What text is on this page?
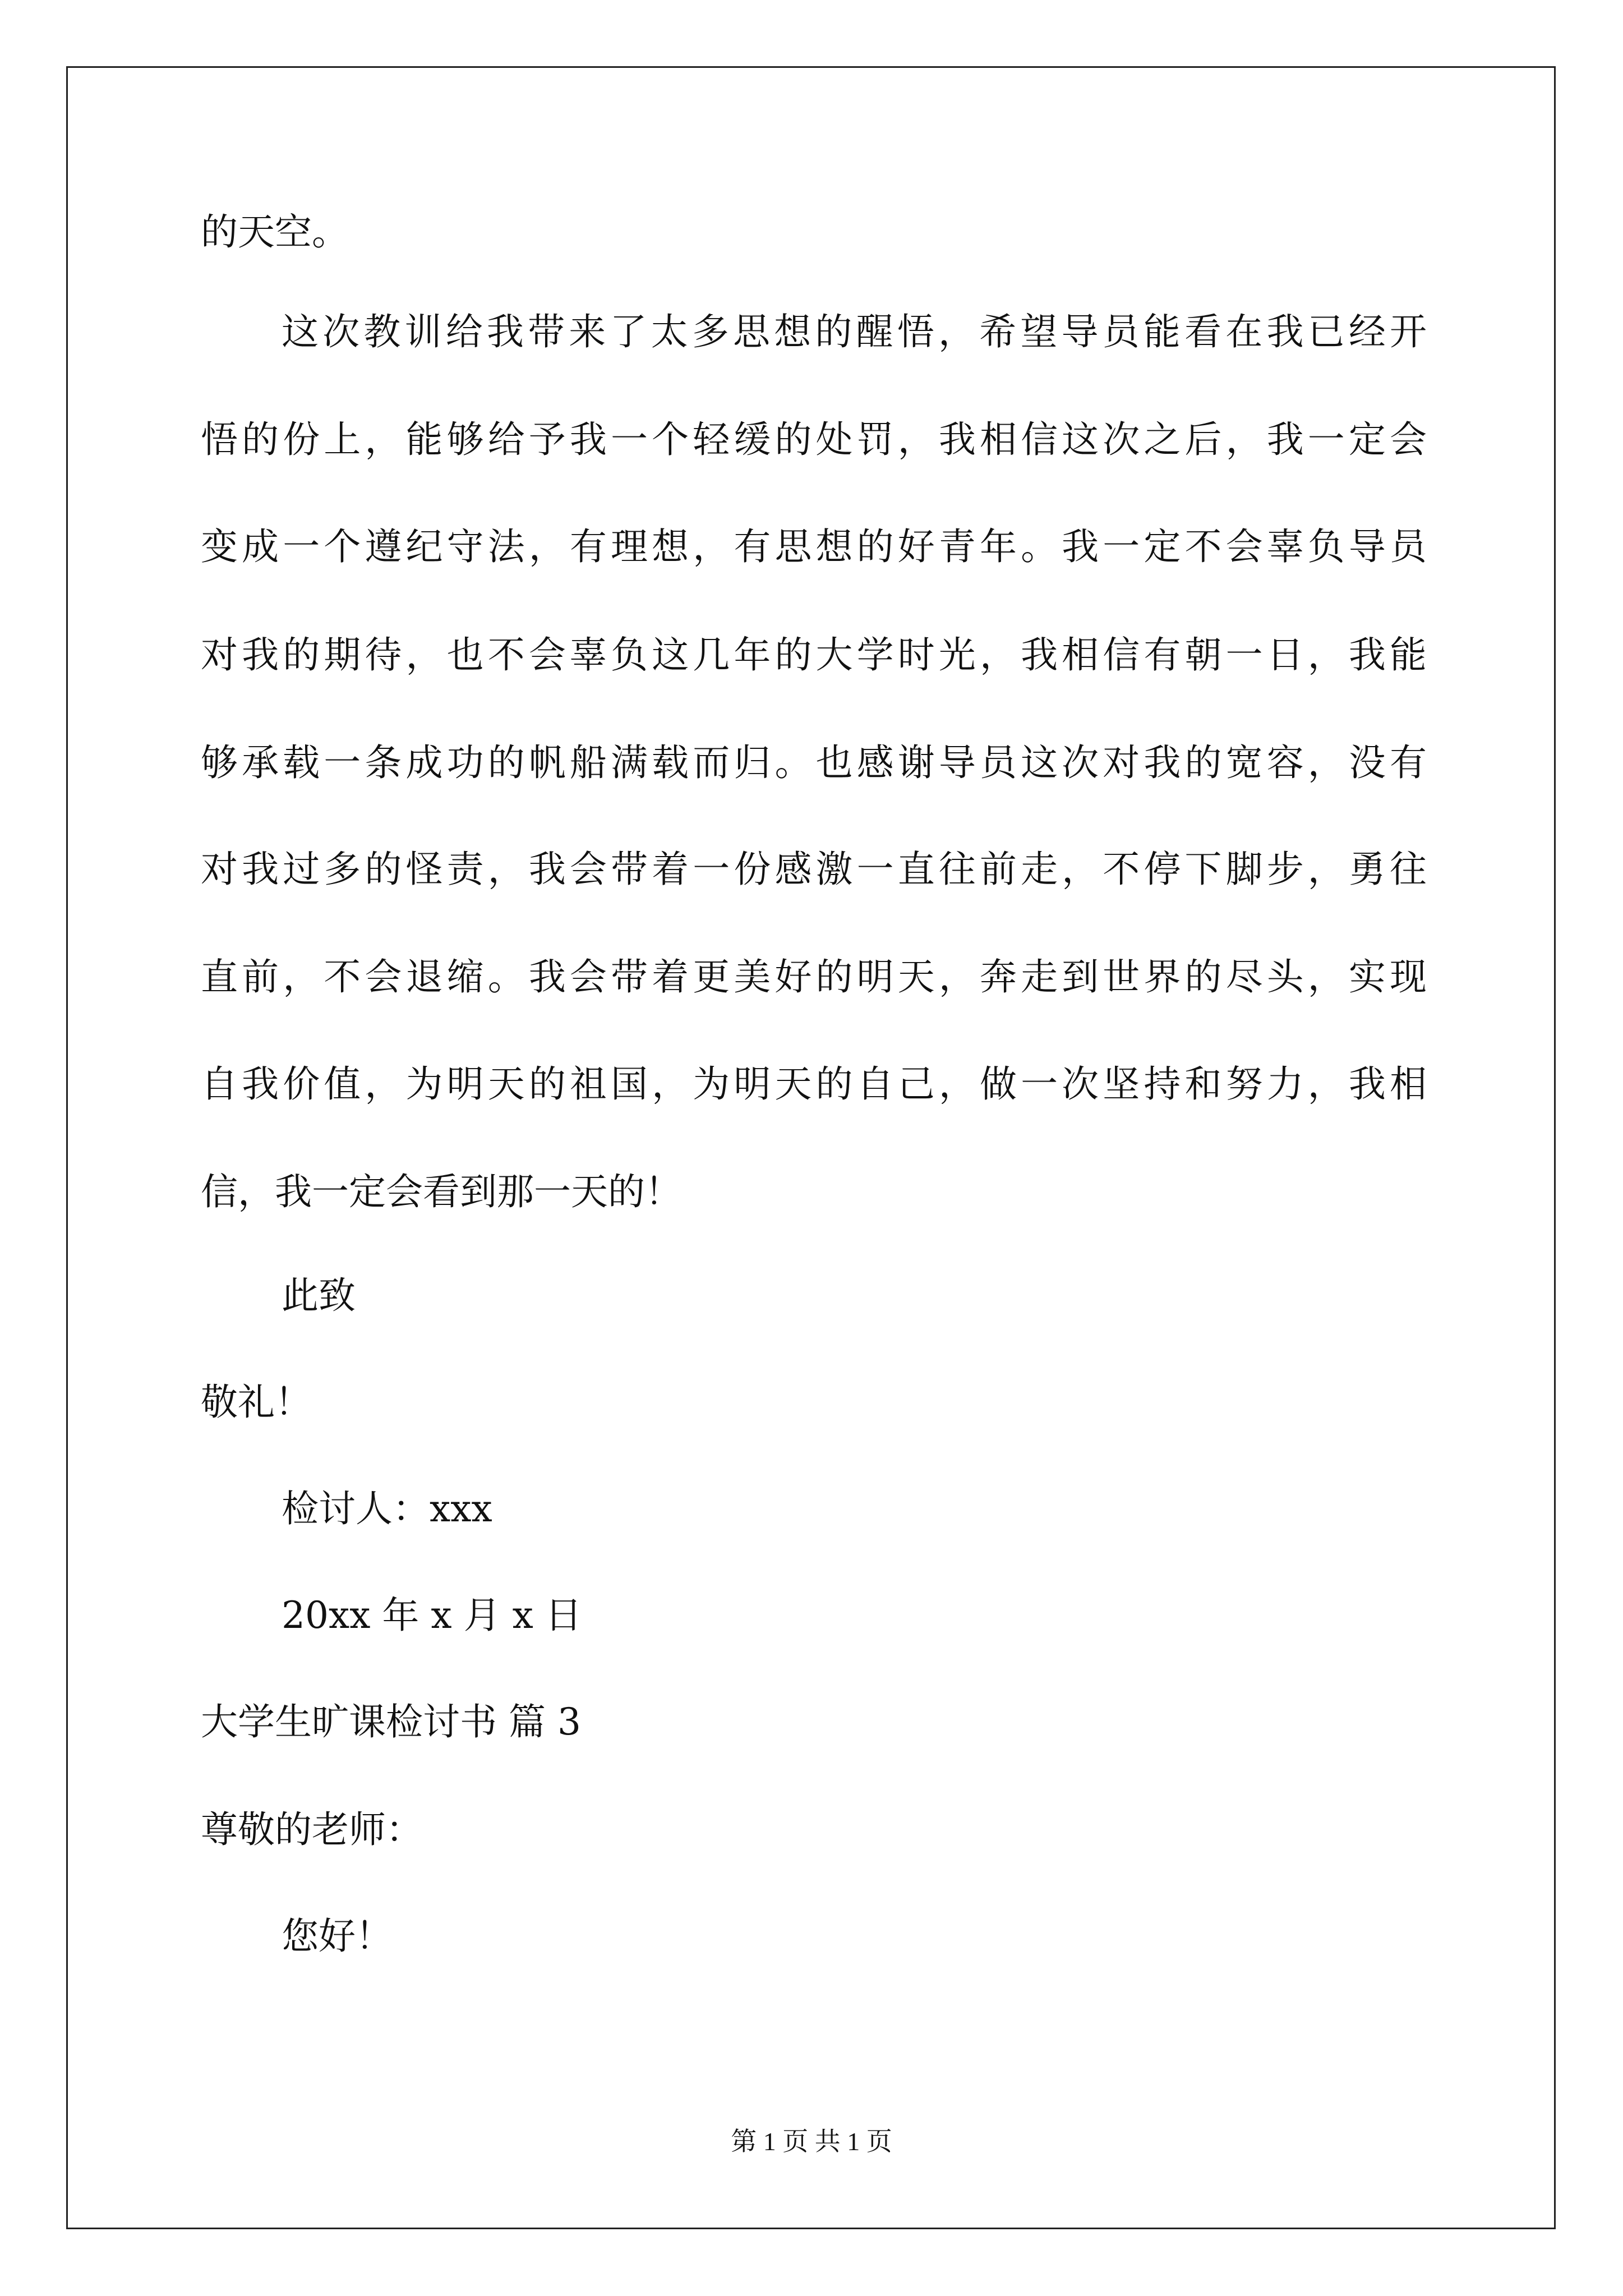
的天空。
这次教训给我带来了太多思想的醒悟，希望导员能看在我已经开
悟的份上，能够给予我一个轻缓的处罚，我相信这次之后，我一定会
变成一个遵纪守法，有理想，有思想的好青年。我一定不会辜负导员
对我的期待，也不会辜负这几年的大学时光，我相信有朝一日，我能
够承载一条成功的帆船满载而归。也感谢导员这次对我的宽容，没有
对我过多的怪责，我会带着一份感激一直往前走，不停下脚步，勇往
直前，不会退缩。我会带着更美好的明天，奔走到世界的尽头，实现
自我价值，为明天的祖国，为明天的自己，做一次坚持和努力，我相
信，我一定会看到那一天的！
此致
敬礼！
检讨人：xxx
20xx 年 x 月 x 日
大学生旷课检讨书 篇 3
尊敬的老师：
您好！
第 1 页 共 1 页
